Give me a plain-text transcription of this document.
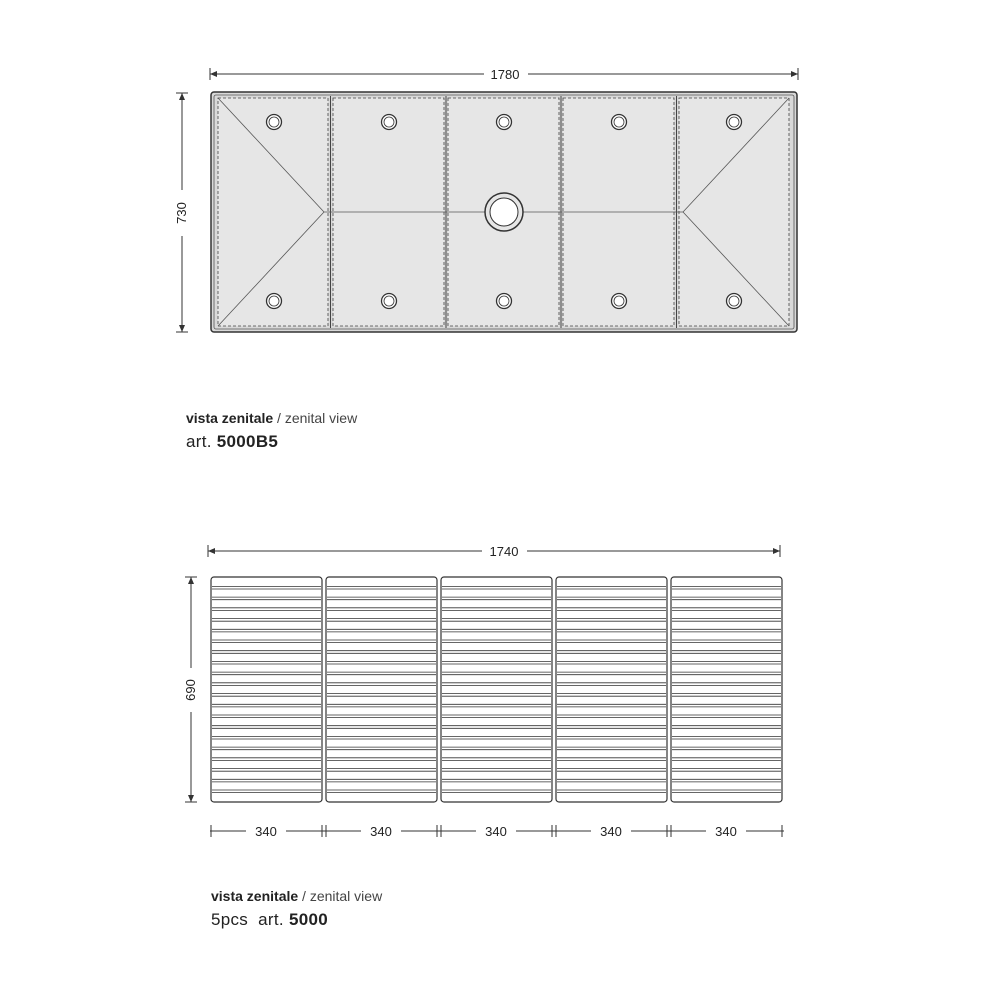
1780
730
1740
690
340	340	340	340	340
vista zenitale / zenital view
art. 5000B5
vista zenitale / zenital view
5pcs  art. 5000
